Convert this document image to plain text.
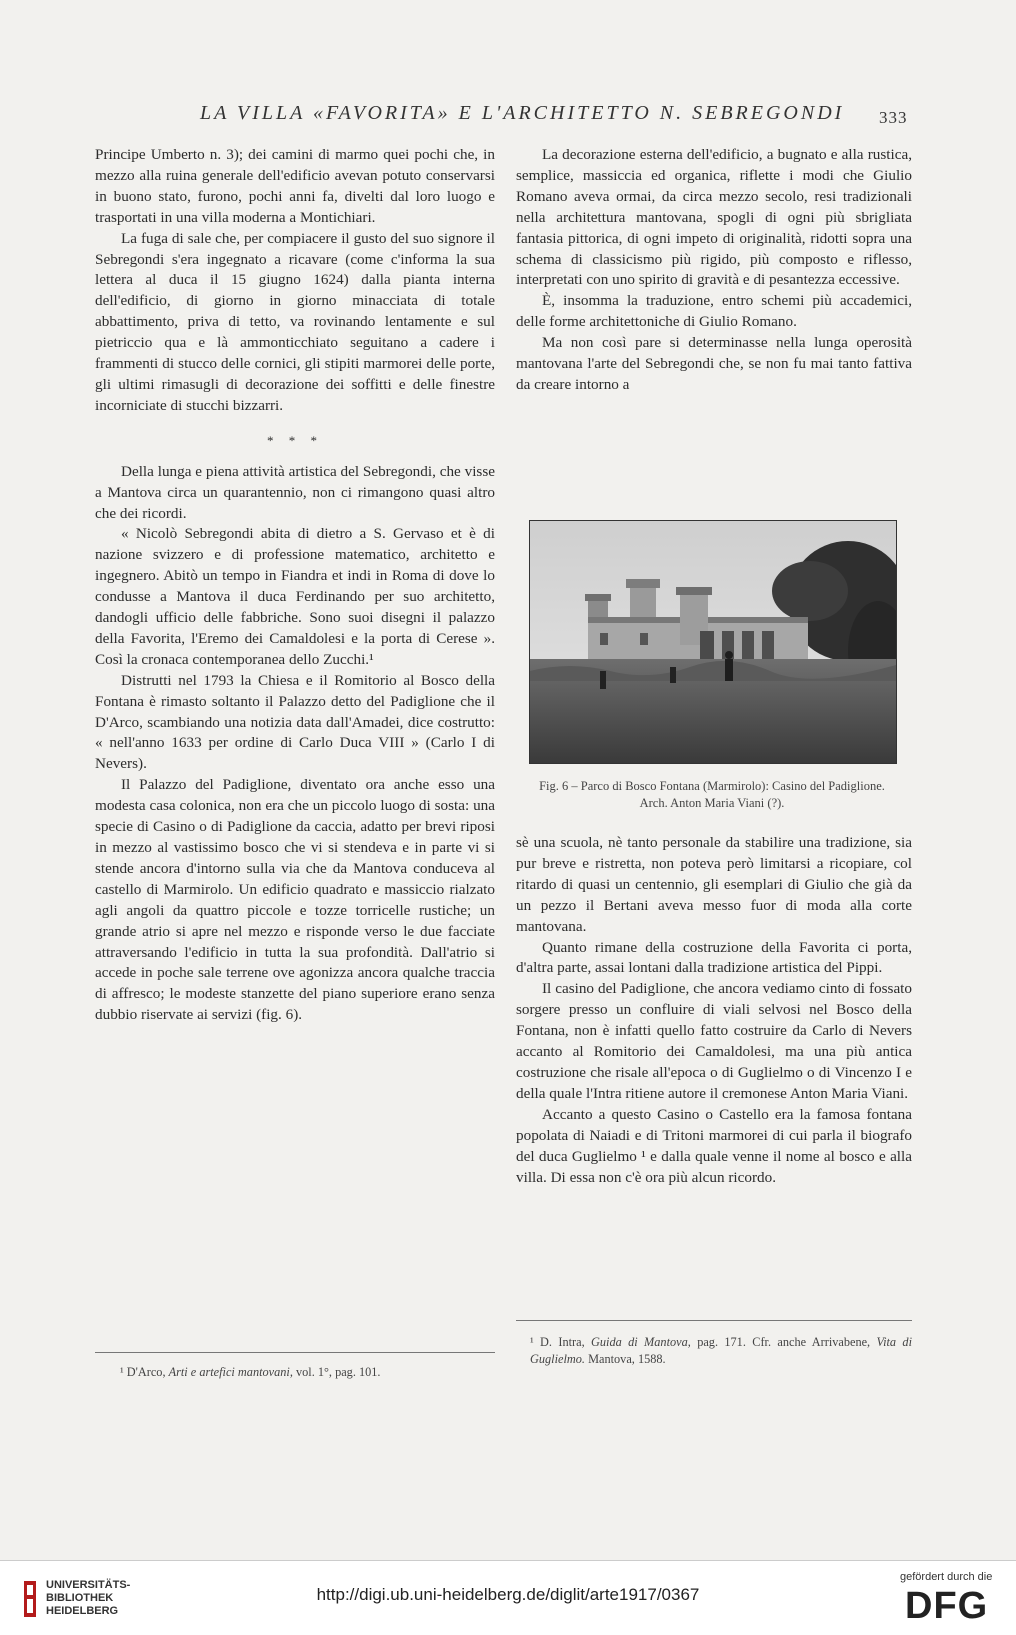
LA VILLA «FAVORITA» E L'ARCHITETTO N. SEBREGONDI 333

Principe Umberto n. 3); dei camini di marmo quei pochi che, in mezzo alla ruina generale dell'edificio avevan potuto conservarsi in buono stato, furono, pochi anni fa, divelti dal loro luogo e trasportati in una villa moderna a Montichiari.

La fuga di sale che, per compiacere il gusto del suo signore il Sebregondi s'era ingegnato a ricavare (come c'informa la sua lettera al duca il 15 giugno 1624) dalla pianta interna dell'edificio, di giorno in giorno minacciata di totale abbattimento, priva di tetto, va rovinando lentamente e sul pietriccio qua e là ammonticchiato seguitano a cadere i frammenti di stucco delle cornici, gli stipiti marmorei delle porte, gli ultimi rimasugli di decorazione dei soffitti e delle finestre incorniciate di stucchi bizzarri.

* * *

Della lunga e piena attività artistica del Sebregondi, che visse a Mantova circa un quarantennio, non ci rimangono quasi altro che dei ricordi.

« Nicolò Sebregondi abita di dietro a S. Gervaso et è di nazione svizzero e di professione matematico, architetto e ingegnero. Abitò un tempo in Fiandra et indi in Roma di dove lo condusse a Mantova il duca Ferdinando per suo architetto, dandogli ufficio delle fabbriche. Sono suoi disegni il palazzo della Favorita, l'Eremo dei Camaldolesi e la porta di Cerese ». Così la cronaca contemporanea dello Zucchi.¹

Distrutti nel 1793 la Chiesa e il Romitorio al Bosco della Fontana è rimasto soltanto il Palazzo detto del Padiglione che il D'Arco, scambiando una notizia data dall'Amadei, dice costrutto: « nell'anno 1633 per ordine di Carlo Duca VIII » (Carlo I di Nevers).

Il Palazzo del Padiglione, diventato ora anche esso una modesta casa colonica, non era che un piccolo luogo di sosta: una specie di Casino o di Padiglione da caccia, adatto per brevi riposi in mezzo al vastissimo bosco che vi si stendeva e in parte vi si stende ancora d'intorno sulla via che da Mantova conduceva al castello di Marmirolo. Un edificio quadrato e massiccio rialzato agli angoli da quattro piccole e tozze torricelle rustiche; un grande atrio si apre nel mezzo e risponde verso le due facciate attraversando l'edificio in tutta la sua profondità. Dall'atrio si accede in poche sale terrene ove agonizza ancora qualche traccia di affresco; le modeste stanzette del piano superiore erano senza dubbio riservate ai servizi (fig. 6).

La decorazione esterna dell'edificio, a bugnato e alla rustica, semplice, massiccia ed organica, riflette i modi che Giulio Romano aveva ormai, da circa mezzo secolo, resi tradizionali nella architettura mantovana, spogli di ogni più sbrigliata fantasia pittorica, di ogni impeto di originalità, ridotti sopra una schema di classicismo più rigido, più composto e riflesso, interpretati con uno spirito di gravità e di pesantezza eccessive.

È, insomma la traduzione, entro schemi più accademici, delle forme architettoniche di Giulio Romano.

Ma non così pare si determinasse nella lunga operosità mantovana l'arte del Sebregondi che, se non fu mai tanto fattiva da creare intorno a

Fig. 6 – Parco di Bosco Fontana (Marmirolo): Casino del Padiglione. Arch. Anton Maria Viani (?).

sè una scuola, nè tanto personale da stabilire una tradizione, sia pur breve e ristretta, non poteva però limitarsi a ricopiare, col ritardo di quasi un centennio, gli esemplari di Giulio che già da un pezzo il Bertani aveva messo fuor di moda alla corte mantovana.

Quanto rimane della costruzione della Favorita ci porta, d'altra parte, assai lontani dalla tradizione artistica del Pippi.

Il casino del Padiglione, che ancora vediamo cinto di fossato sorgere presso un confluire di viali selvosi nel Bosco della Fontana, non è infatti quello fatto costruire da Carlo di Nevers accanto al Romitorio dei Camaldolesi, ma una più antica costruzione che risale all'epoca o di Guglielmo o di Vincenzo I e della quale l'Intra ritiene autore il cremonese Anton Maria Viani.

Accanto a questo Casino o Castello era la famosa fontana popolata di Naiadi e di Tritoni marmorei di cui parla il biografo del duca Guglielmo ¹ e dalla quale venne il nome al bosco e alla villa. Di essa non c'è ora più alcun ricordo.

¹ D'Arco, Arti e artefici mantovani, vol. 1°, pag. 101.
¹ D. Intra, Guida di Mantova, pag. 171. Cfr. anche Arrivabene, Vita di Guglielmo. Mantova, 1588.
UNIVERSITÄTS-
BIBLIOTHEK
HEIDELBERG
http://digi.ub.uni-heidelberg.de/diglit/arte1917/0367
gefördert durch die
DFG
